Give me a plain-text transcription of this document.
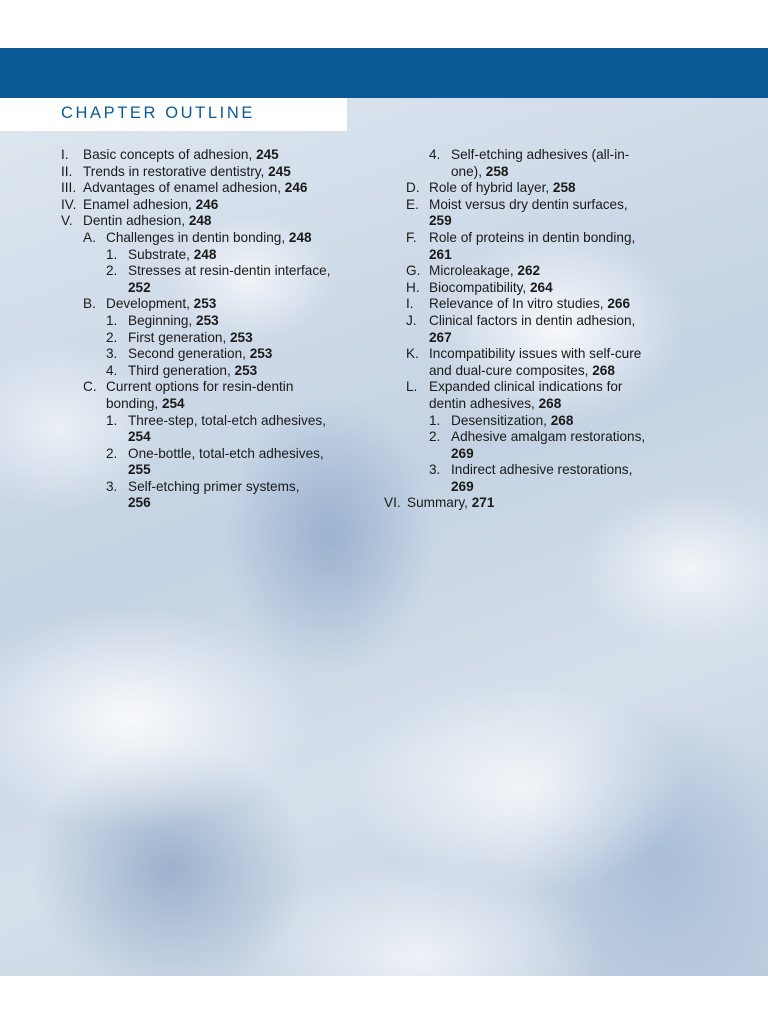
CHAPTER OUTLINE
I. Basic concepts of adhesion, 245
II. Trends in restorative dentistry, 245
III. Advantages of enamel adhesion, 246
IV. Enamel adhesion, 246
V. Dentin adhesion, 248
A. Challenges in dentin bonding, 248
1. Substrate, 248
2. Stresses at resin-dentin interface,
252
B. Development, 253
1. Beginning, 253
2. First generation, 253
3. Second generation, 253
4. Third generation, 253
C. Current options for resin-dentin
bonding, 254
1. Three-step, total-etch adhesives,
254
2. One-bottle, total-etch adhesives,
255
3. Self-etching primer systems,
256
4. Self-etching adhesives (all-in-
one), 258
D. Role of hybrid layer, 258
E. Moist versus dry dentin surfaces,
259
F. Role of proteins in dentin bonding,
261
G. Microleakage, 262
H. Biocompatibility, 264
I. Relevance of In vitro studies, 266
J. Clinical factors in dentin adhesion,
267
K. Incompatibility issues with self-cure
and dual-cure composites, 268
L. Expanded clinical indications for
dentin adhesives, 268
1. Desensitization, 268
2. Adhesive amalgam restorations,
269
3. Indirect adhesive restorations,
269
VI. Summary, 271
